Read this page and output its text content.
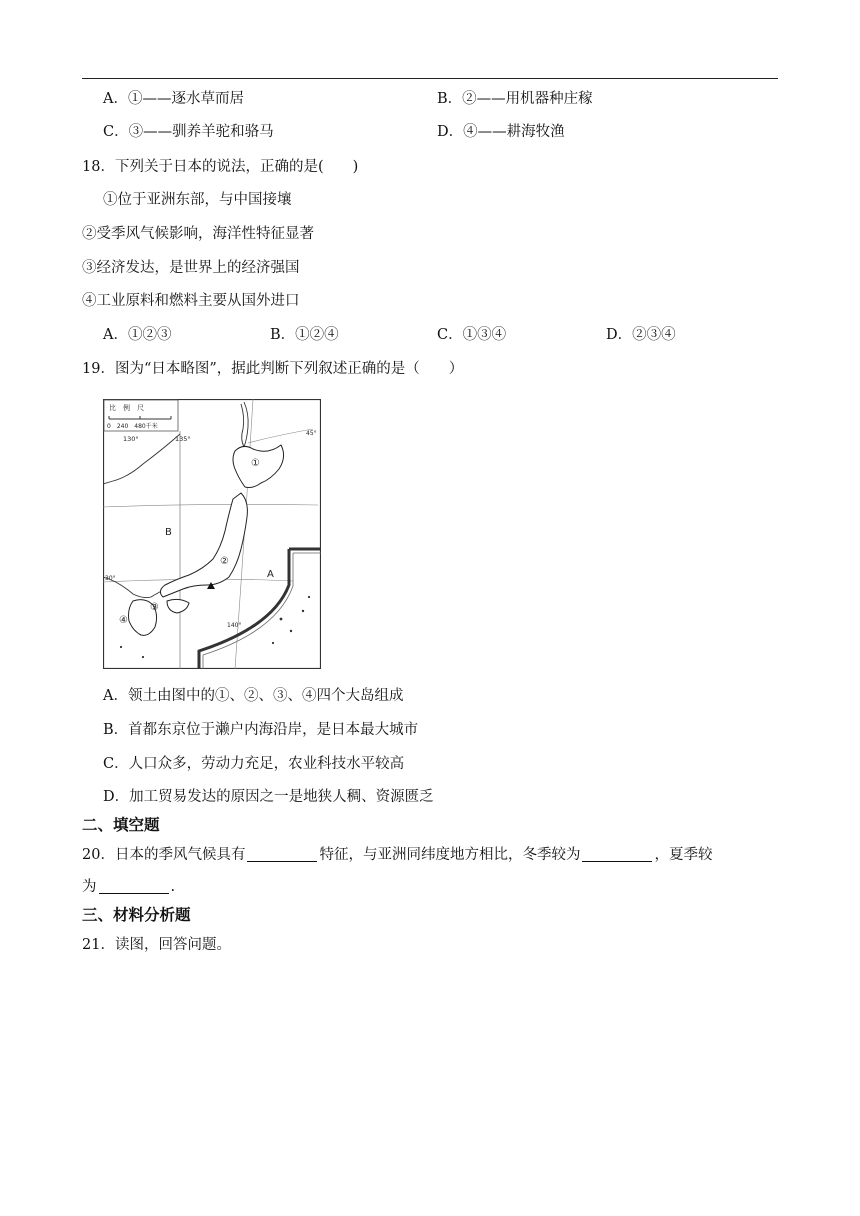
A．①——逐水草而居	B．②——用机器种庄稼
C．③——驯养羊驼和骆马	D．④——耕海牧渔
18．下列关于日本的说法，正确的是(　　)
①位于亚洲东部，与中国接壤
②受季风气候影响，海洋性特征显著
③经济发达，是世界上的经济强国
④工业原料和燃料主要从国外进口
A．①②③	B．①②④	C．①③④	D．②③④
19．图为“日本略图”，据此判断下列叙述正确的是（　　）
比　例　尺
0　240　480千米
130°	135°
140°
45°
30°
①
②
③
④
A
B
A．领土由图中的①、②、③、④四个大岛组成
B．首都东京位于濑户内海沿岸，是日本最大城市
C．人口众多，劳动力充足，农业科技水平较高
D．加工贸易发达的原因之一是地狭人稠、资源匮乏
二、填空题
20．日本的季风气候具有	特征，与亚洲同纬度地方相比，冬季较为	，夏季较
为	.
三、材料分析题
21．读图，回答问题。
